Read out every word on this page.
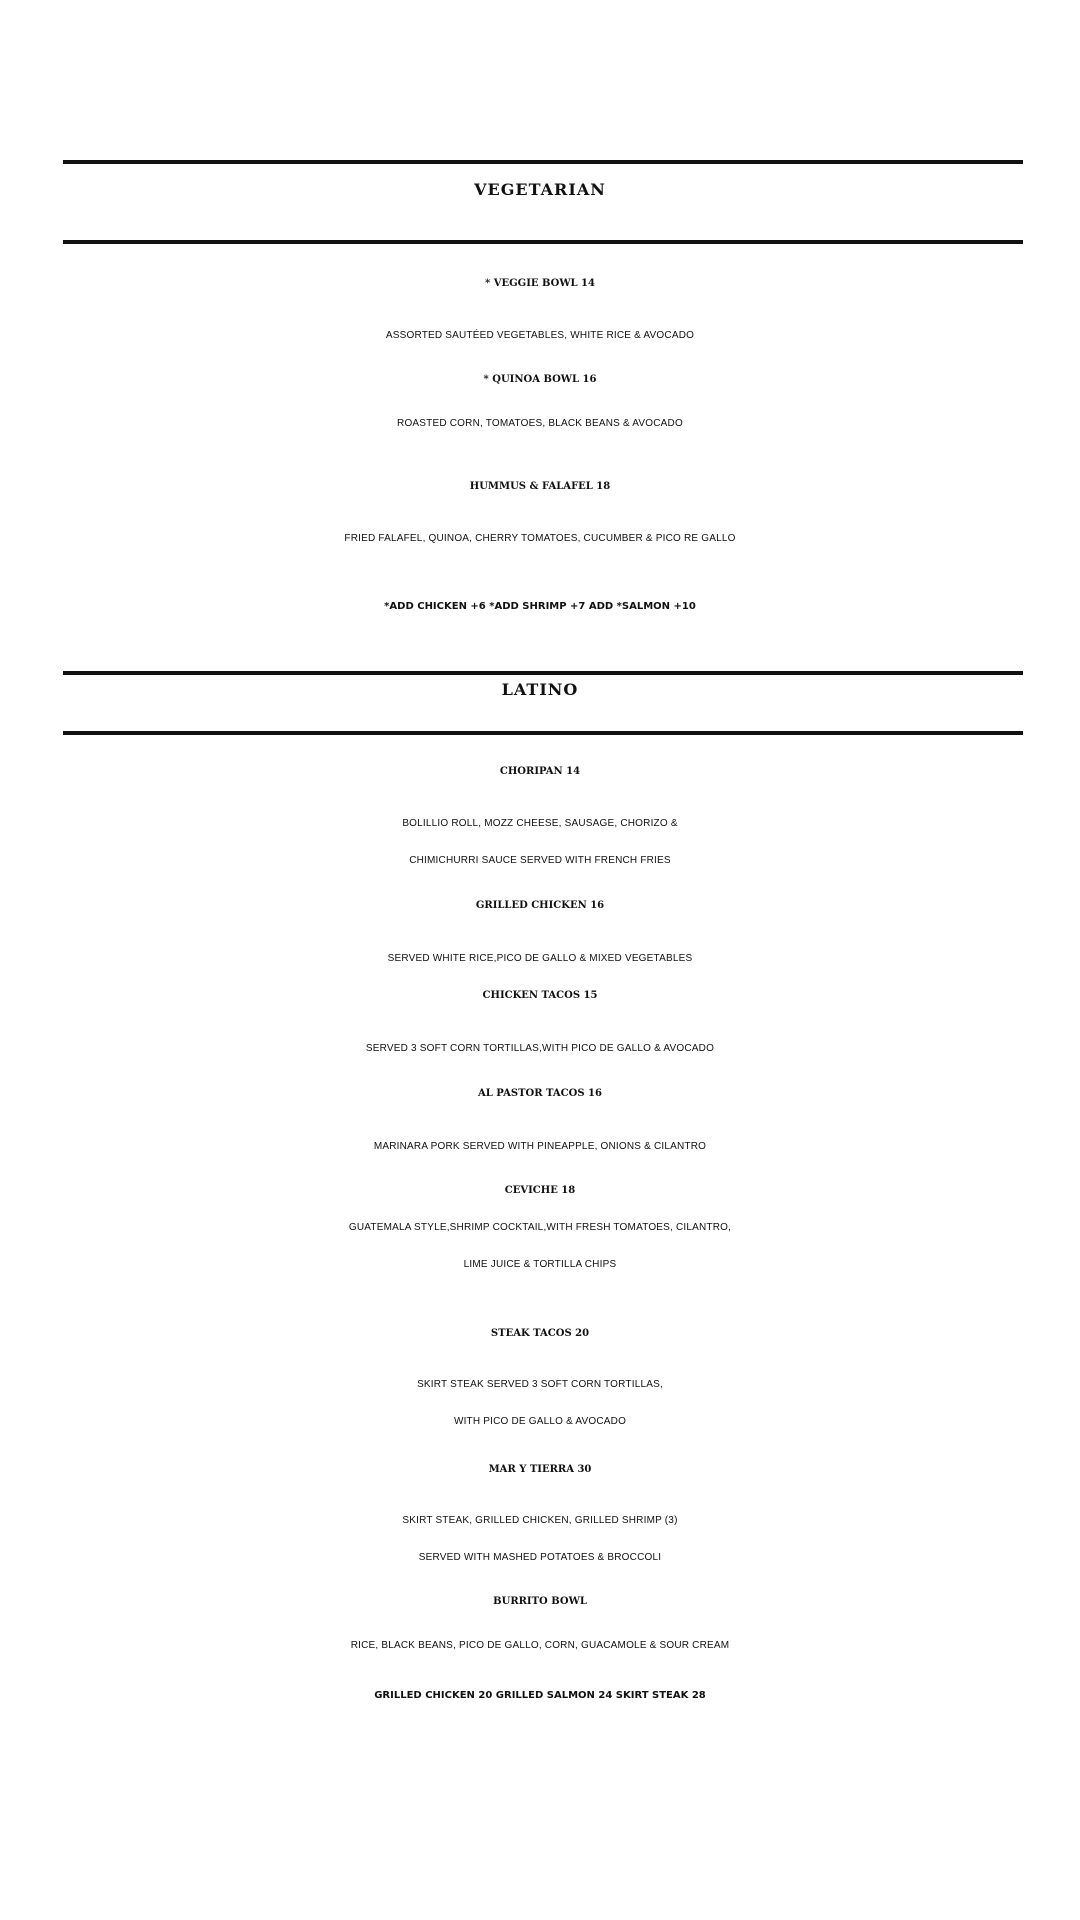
VEGETARIAN
* VEGGIE BOWL 14
ASSORTED SAUTÉED VEGETABLES, WHITE RICE & AVOCADO
* QUINOA BOWL 16
ROASTED CORN, TOMATOES, BLACK BEANS & AVOCADO
HUMMUS & FALAFEL 18
FRIED FALAFEL, QUINOA, CHERRY TOMATOES, CUCUMBER & PICO RE GALLO
*ADD CHICKEN +6 *ADD SHRIMP +7 ADD *SALMON +10
LATINO
CHORIPAN 14
BOLILLIO ROLL, MOZZ CHEESE, SAUSAGE, CHORIZO &
CHIMICHURRI SAUCE SERVED WITH FRENCH FRIES
GRILLED CHICKEN 16
SERVED WHITE RICE,PICO DE GALLO & MIXED VEGETABLES
CHICKEN TACOS 15
SERVED 3 SOFT CORN TORTILLAS,WITH PICO DE GALLO & AVOCADO
AL PASTOR TACOS 16
MARINARA PORK SERVED WITH PINEAPPLE, ONIONS & CILANTRO
CEVICHE 18
GUATEMALA STYLE,SHRIMP COCKTAIL,WITH FRESH TOMATOES, CILANTRO,
LIME JUICE & TORTILLA CHIPS
STEAK TACOS 20
SKIRT STEAK SERVED 3 SOFT CORN TORTILLAS,
WITH PICO DE GALLO & AVOCADO
MAR Y TIERRA 30
SKIRT STEAK, GRILLED CHICKEN, GRILLED SHRIMP (3)
SERVED WITH MASHED POTATOES & BROCCOLI
BURRITO BOWL
RICE, BLACK BEANS, PICO DE GALLO, CORN, GUACAMOLE & SOUR CREAM
GRILLED CHICKEN 20 GRILLED SALMON 24 SKIRT STEAK 28
